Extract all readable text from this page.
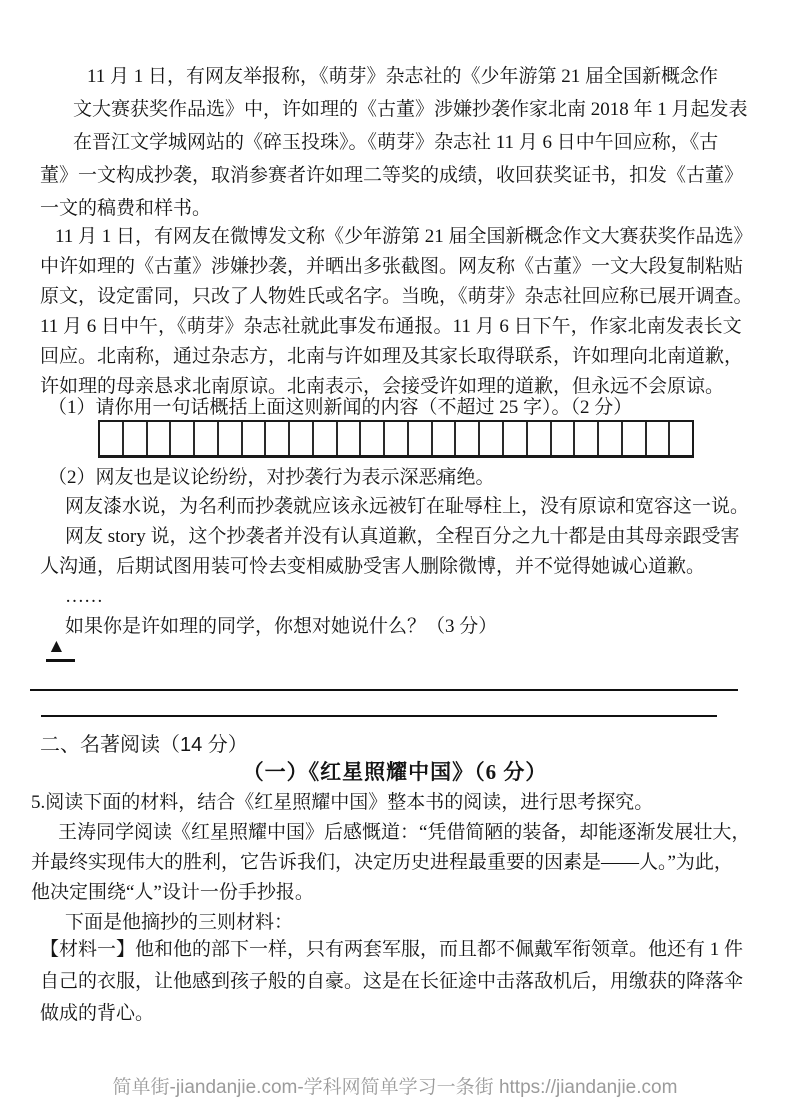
11 月 1 日，有网友举报称，《萌芽》杂志社的《少年游第 21 届全国新概念作
文大赛获奖作品选》中，许如理的《古董》涉嫌抄袭作家北南 2018 年 1 月起发表
在晋江文学城网站的《碎玉投珠》。《萌芽》杂志社 11 月 6 日中午回应称，《古
董》一文构成抄袭，取消参赛者许如理二等奖的成绩，收回获奖证书，扣发《古董》
一文的稿费和样书。
11 月 1 日，有网友在微博发文称《少年游第 21 届全国新概念作文大赛获奖作品选》
中许如理的《古董》涉嫌抄袭，并晒出多张截图。网友称《古董》一文大段复制粘贴
原文，设定雷同，只改了人物姓氏或名字。当晚，《萌芽》杂志社回应称已展开调查。
11 月 6 日中午，《萌芽》杂志社就此事发布通报。11 月 6 日下午，作家北南发表长文
回应。北南称，通过杂志方，北南与许如理及其家长取得联系，许如理向北南道歉，
许如理的母亲恳求北南原谅。北南表示，会接受许如理的道歉，但永远不会原谅。
（1）请你用一句话概括上面这则新闻的内容（不超过 25 字）。（2 分）
（2）网友也是议论纷纷，对抄袭行为表示深恶痛绝。
网友漆水说，为名利而抄袭就应该永远被钉在耻辱柱上，没有原谅和宽容这一说。
网友 story 说，这个抄袭者并没有认真道歉，全程百分之九十都是由其母亲跟受害
人沟通，后期试图用装可怜去变相威胁受害人删除微博，并不觉得她诚心道歉。
……
如果你是许如理的同学，你想对她说什么？（3 分）
▲
二、名著阅读（14 分）
（一）《红星照耀中国》（6 分）
5.阅读下面的材料，结合《红星照耀中国》整本书的阅读，进行思考探究。
王涛同学阅读《红星照耀中国》后感慨道：“凭借简陋的装备，却能逐渐发展壮大，
并最终实现伟大的胜利，它告诉我们，决定历史进程最重要的因素是——人。”为此，
他决定围绕“人”设计一份手抄报。
下面是他摘抄的三则材料：
【材料一】他和他的部下一样，只有两套军服，而且都不佩戴军衔领章。他还有 1 件
自己的衣服，让他感到孩子般的自豪。这是在长征途中击落敌机后，用缴获的降落伞
做成的背心。
简单街-jiandanjie.com-学科网简单学习一条街 https://jiandanjie.com
